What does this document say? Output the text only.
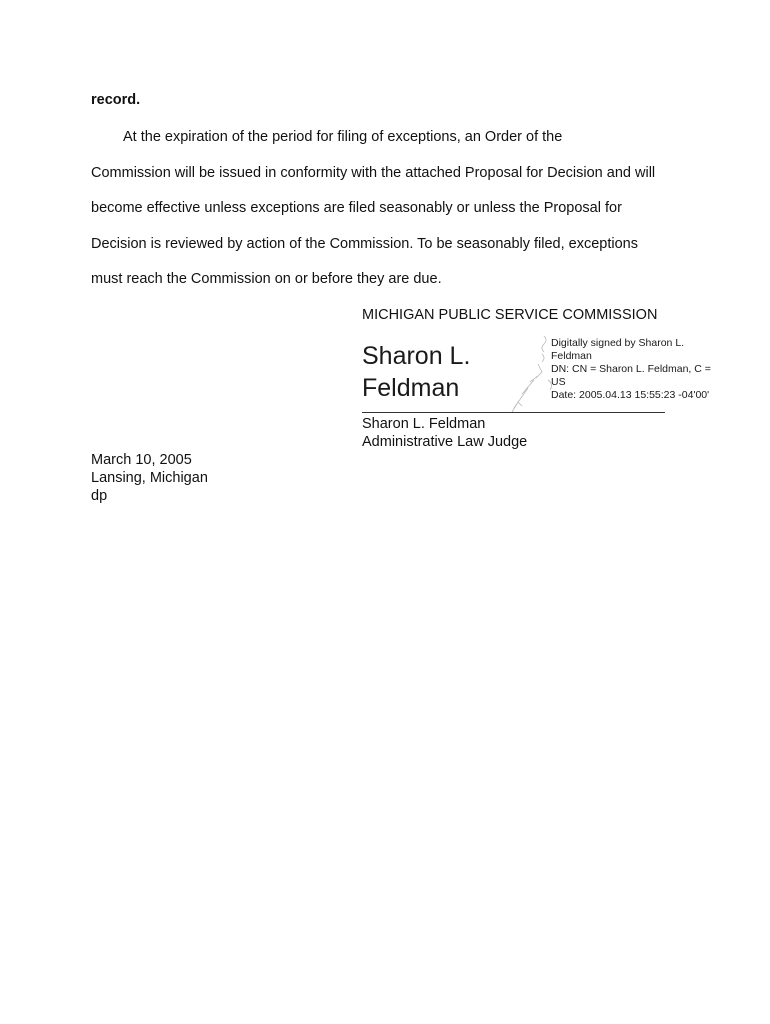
record.
At the expiration of the period for filing of exceptions, an Order of the
Commission will be issued in conformity with the attached Proposal for Decision and will
become effective unless exceptions are filed seasonably or unless the Proposal for
Decision is reviewed by action of the Commission. To be seasonably filed, exceptions
must reach the Commission on or before they are due.
MICHIGAN PUBLIC SERVICE COMMISSION
Sharon L.
Feldman
Digitally signed by Sharon L.
Feldman
DN: CN = Sharon L. Feldman, C =
US
Date: 2005.04.13 15:55:23 -04'00'
Sharon L. Feldman
Administrative Law Judge
March 10, 2005
Lansing, Michigan
dp
